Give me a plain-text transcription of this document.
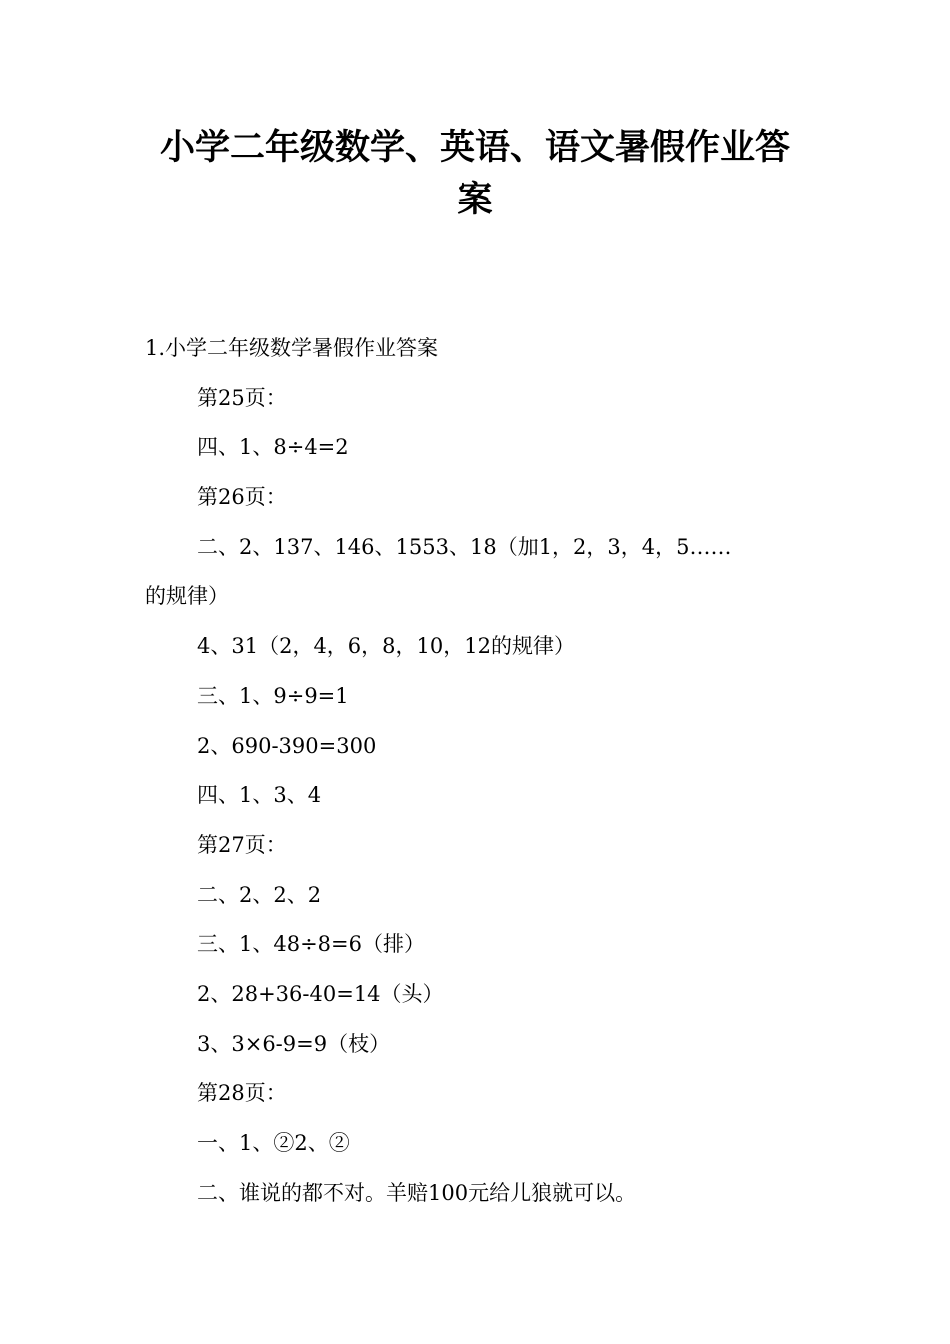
小学二年级数学、英语、语文暑假作业答
案
1.小学二年级数学暑假作业答案
第25页：
四、1、8÷4=2
第26页：
二、2、137、146、1553、18（加1，2，3，4，5……
的规律）
4、31（2，4，6，8，10，12的规律）
三、1、9÷9=1
2、690-390=300
四、1、3、4
第27页：
二、2、2、2
三、1、48÷8=6（排）
2、28+36-40=14（头）
3、3×6-9=9（枝）
第28页：
一、1、②2、②
二、谁说的都不对。羊赔100元给儿狼就可以。
